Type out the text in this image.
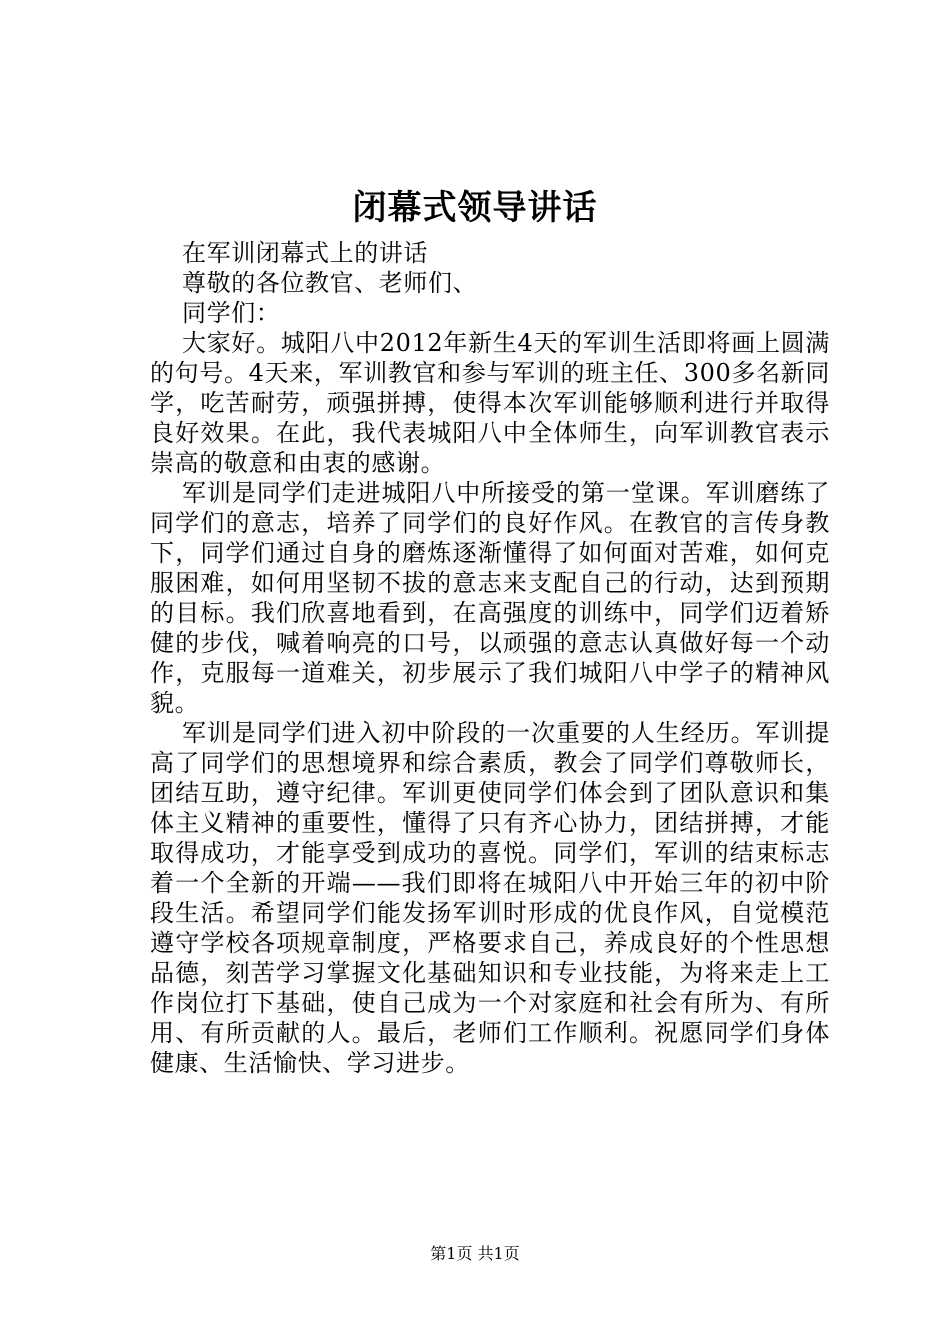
闭幕式领导讲话

在军训闭幕式上的讲话

尊敬的各位教官、老师们、

同学们：

大家好。城阳八中2012年新生4天的军训生活即将画上圆满的句号。4天来，军训教官和参与军训的班主任、300多名新同学，吃苦耐劳，顽强拼搏，使得本次军训能够顺利进行并取得良好效果。在此，我代表城阳八中全体师生，向军训教官表示崇高的敬意和由衷的感谢。

军训是同学们走进城阳八中所接受的第一堂课。军训磨练了同学们的意志，培养了同学们的良好作风。在教官的言传身教下，同学们通过自身的磨炼逐渐懂得了如何面对苦难，如何克服困难，如何用坚韧不拔的意志来支配自己的行动，达到预期的目标。我们欣喜地看到，在高强度的训练中，同学们迈着矫健的步伐，喊着响亮的口号，以顽强的意志认真做好每一个动作，克服每一道难关，初步展示了我们城阳八中学子的精神风貌。

军训是同学们进入初中阶段的一次重要的人生经历。军训提高了同学们的思想境界和综合素质，教会了同学们尊敬师长，团结互助，遵守纪律。军训更使同学们体会到了团队意识和集体主义精神的重要性，懂得了只有齐心协力，团结拼搏，才能取得成功，才能享受到成功的喜悦。同学们，军训的结束标志着一个全新的开端——我们即将在城阳八中开始三年的初中阶段生活。希望同学们能发扬军训时形成的优良作风，自觉模范遵守学校各项规章制度，严格要求自己，养成良好的个性思想品德，刻苦学习掌握文化基础知识和专业技能，为将来走上工作岗位打下基础，使自己成为一个对家庭和社会有所为、有所用、有所贡献的人。最后，老师们工作顺利。祝愿同学们身体健康、生活愉快、学习进步。

第1页 共1页
